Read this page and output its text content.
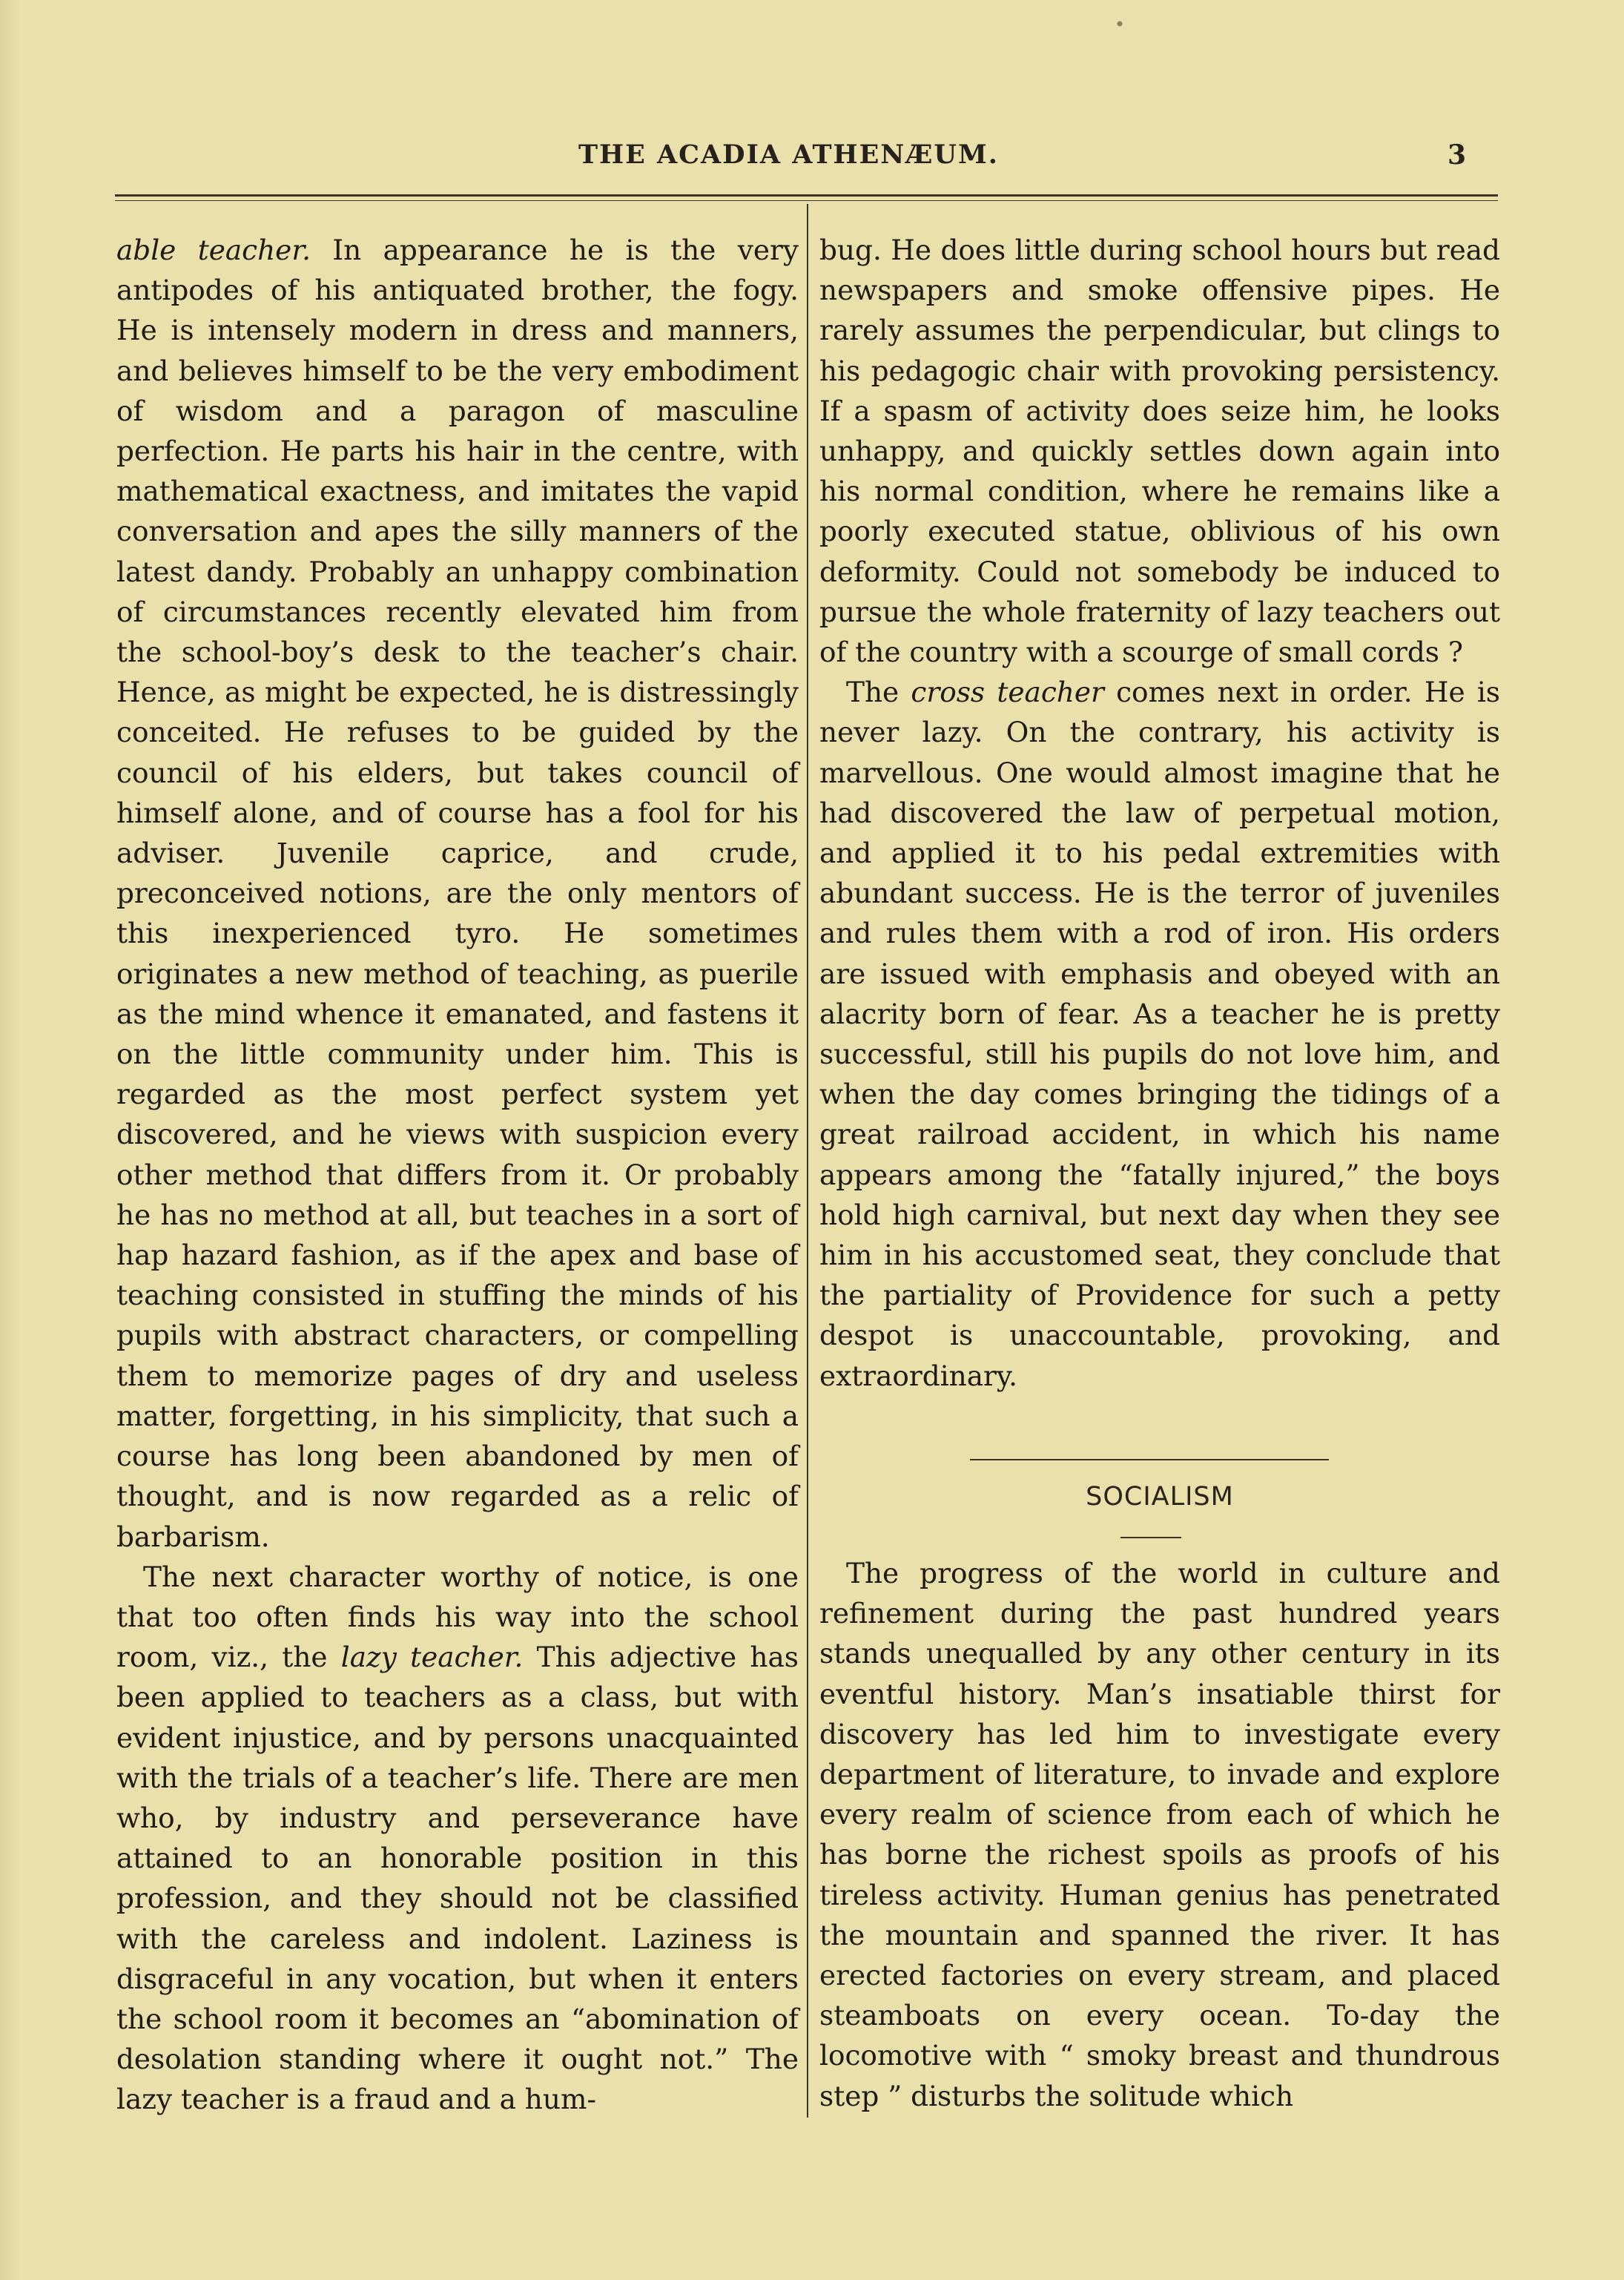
THE ACADIA ATHENÆUM.	3

able teacher. In appearance he is the very antipodes of his antiquated brother, the fogy. He is intensely modern in dress and manners, and believes himself to be the very embodiment of wisdom and a paragon of masculine perfection. He parts his hair in the centre, with mathematical exactness, and imitates the vapid conversation and apes the silly manners of the latest dandy. Probably an unhappy combination of circumstances recently elevated him from the school-boy’s desk to the teacher’s chair. Hence, as might be expected, he is distressingly conceited. He refuses to be guided by the council of his elders, but takes council of himself alone, and of course has a fool for his adviser. Juvenile caprice, and crude, preconceived notions, are the only mentors of this inexperienced tyro. He sometimes originates a new method of teaching, as puerile as the mind whence it emanated, and fastens it on the little community under him. This is regarded as the most perfect system yet discovered, and he views with suspicion every other method that differs from it. Or probably he has no method at all, but teaches in a sort of hap hazard fashion, as if the apex and base of teaching consisted in stuffing the minds of his pupils with abstract characters, or compelling them to memorize pages of dry and useless matter, forgetting, in his simplicity, that such a course has long been abandoned by men of thought, and is now regarded as a relic of barbarism.

The next character worthy of notice, is one that too often finds his way into the school room, viz., the lazy teacher. This adjective has been applied to teachers as a class, but with evident injustice, and by persons unacquainted with the trials of a teacher’s life. There are men who, by industry and perseverance have attained to an honorable position in this profession, and they should not be classified with the careless and indolent. Laziness is disgraceful in any vocation, but when it enters the school room it becomes an “abomination of desolation standing where it ought not.” The lazy teacher is a fraud and a hum-

bug. He does little during school hours but read newspapers and smoke offensive pipes. He rarely assumes the perpendicular, but clings to his pedagogic chair with provoking persistency. If a spasm of activity does seize him, he looks unhappy, and quickly settles down again into his normal condition, where he remains like a poorly executed statue, oblivious of his own deformity. Could not somebody be induced to pursue the whole fraternity of lazy teachers out of the country with a scourge of small cords ?

The cross teacher comes next in order. He is never lazy. On the contrary, his activity is marvellous. One would almost imagine that he had discovered the law of perpetual motion, and applied it to his pedal extremities with abundant success. He is the terror of juveniles and rules them with a rod of iron. His orders are issued with emphasis and obeyed with an alacrity born of fear. As a teacher he is pretty successful, still his pupils do not love him, and when the day comes bringing the tidings of a great railroad accident, in which his name appears among the “fatally injured,” the boys hold high carnival, but next day when they see him in his accustomed seat, they conclude that the partiality of Providence for such a petty despot is unaccountable, provoking, and extraordinary.

SOCIALISM

The progress of the world in culture and refinement during the past hundred years stands unequalled by any other century in its eventful history. Man’s insatiable thirst for discovery has led him to investigate every department of literature, to invade and explore every realm of science from each of which he has borne the richest spoils as proofs of his tireless activity. Human genius has penetrated the mountain and spanned the river. It has erected factories on every stream, and placed steamboats on every ocean. To-day the locomotive with “ smoky breast and thundrous step ” disturbs the solitude which
